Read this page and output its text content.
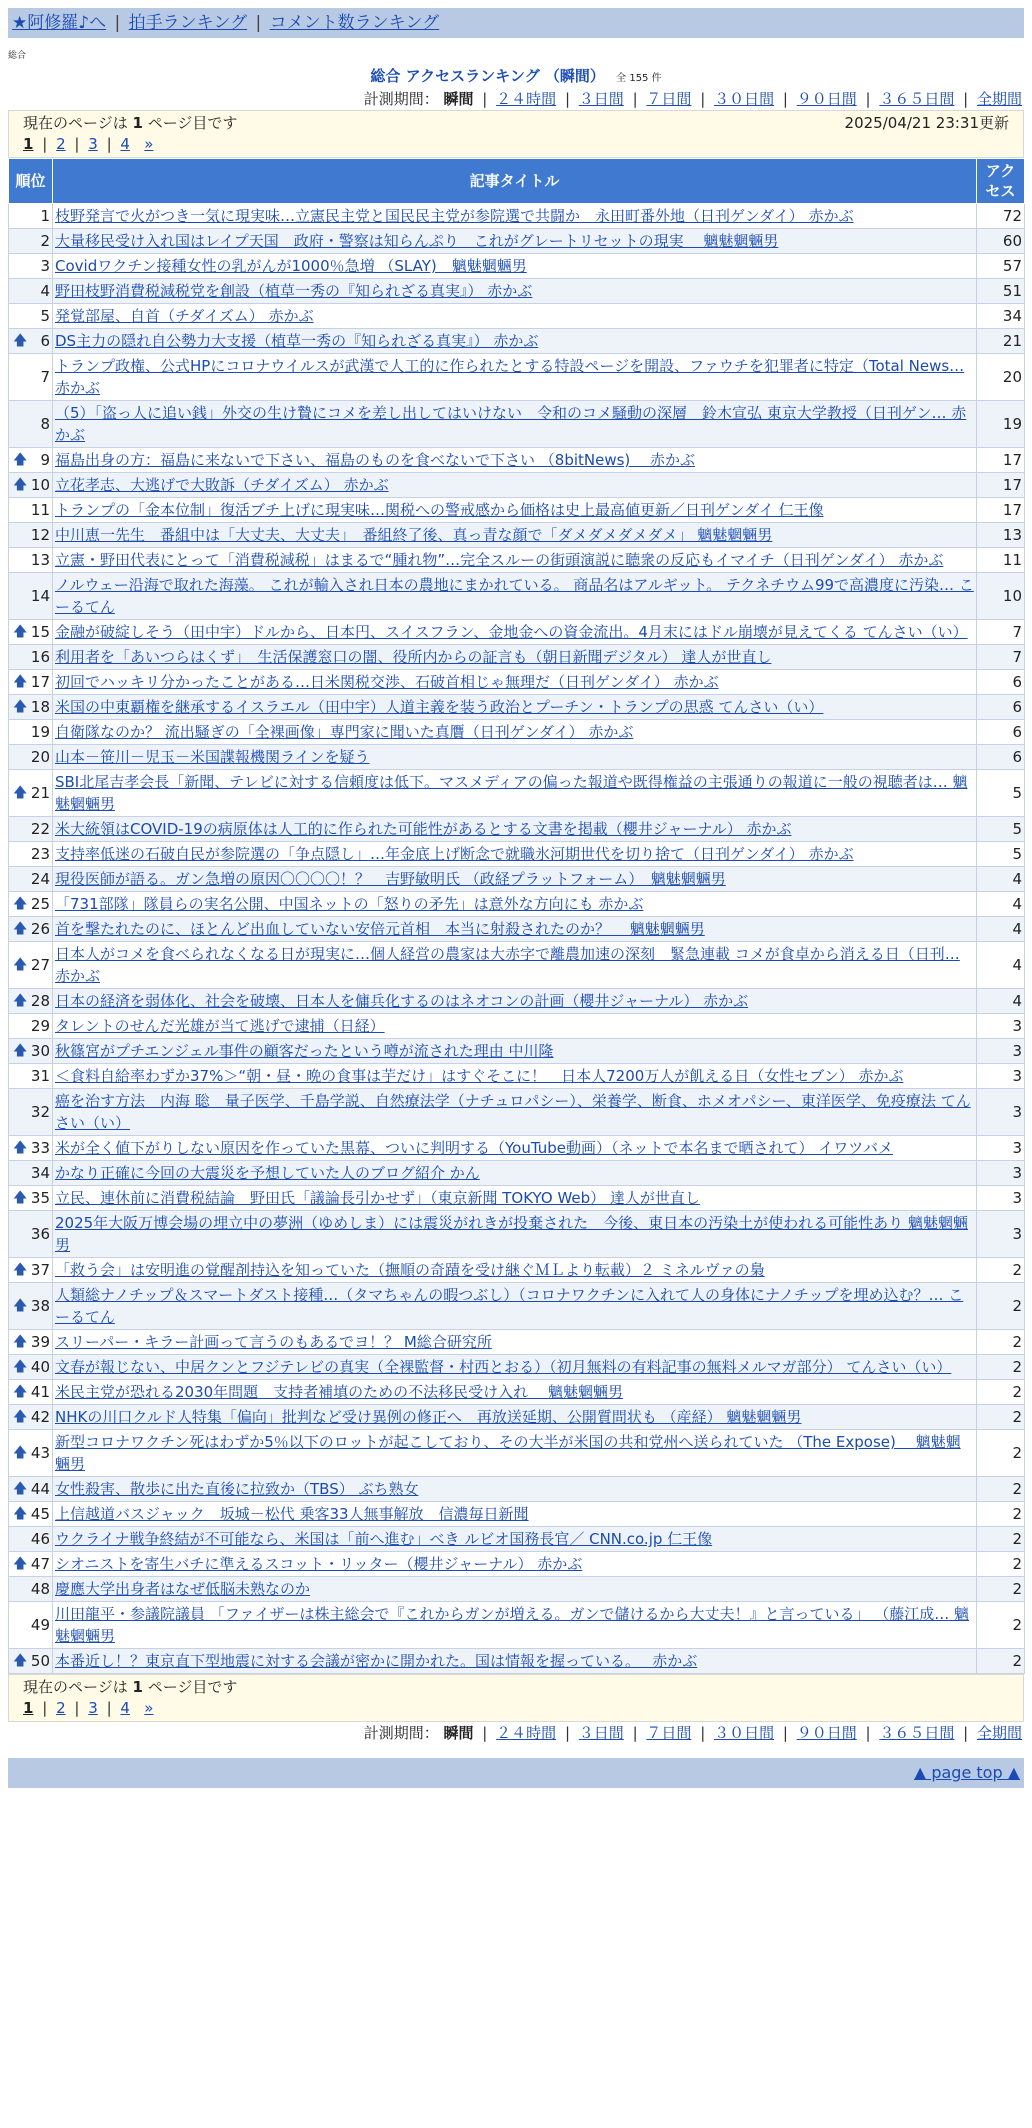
★阿修羅♪へ | 拍手ランキング | コメント数ランキング
総合
総合 アクセスランキング （瞬間） 全 155 件
計測期間： 瞬間 | ２４時間 | ３日間 | ７日間 | ３０日間 | ９０日間 | ３６５日間 | 全期間
現在のページは 1 ページ目です	2025/04/21 23:31更新
1 | 2 | 3 | 4 »
順位	記事タイトル	アクセス
1	枝野発言で火がつき一気に現実味…立憲民主党と国民民主党が参院選で共闘か　永田町番外地（日刊ゲンダイ） 赤かぶ	72
2	大量移民受け入れ国はレイプ天国　政府・警察は知らんぷり　これがグレートリセットの現実　 魑魅魍魎男	60
3	Covidワクチン接種女性の乳がんが1000％急増 （SLAY)　魑魅魍魎男	57
4	野田枝野消費税減税党を創設（植草一秀の『知られざる真実』） 赤かぶ	51
5	発覚部屋、自首（チダイズム） 赤かぶ	34

🡅 6	DS主力の隠れ自公勢力大支援（植草一秀の『知られざる真実』） 赤かぶ	21
7	トランプ政権、公式HPにコロナウイルスが武漢で人工的に作られたとする特設ページを開設、ファウチを犯罪者に特定（Total News… 赤かぶ	20
8	（5）「盗っ人に追い銭」外交の生け贄にコメを差し出してはいけない　令和のコメ騒動の深層　鈴木宣弘 東京大学教授（日刊ゲン… 赤かぶ	19

🡅 9	福島出身の方：福島に来ないで下さい、福島のものを食べないで下さい （8bitNews)　 赤かぶ	17

🡅 10	立花孝志、大逃げで大敗訴（チダイズム） 赤かぶ	17
11	トランプの「金本位制」復活ブチ上げに現実味…関税への警戒感から価格は史上最高値更新／日刊ゲンダイ 仁王像	17
12	中川恵一先生　番組中は「大丈夫、大丈夫」　番組終了後、真っ青な顔で「ダメダメダメダメ」 魑魅魍魎男	13
13	立憲・野田代表にとって「消費税減税」はまるで“腫れ物”…完全スルーの街頭演説に聴衆の反応もイマイチ（日刊ゲンダイ） 赤かぶ	11
14	ノルウェー沿海で取れた海藻。 これが輸入され日本の農地にまかれている。 商品名はアルギット。 テクネチウム99で高濃度に汚染… こーるてん	10

🡅 15	金融が破綻しそう（田中宇）ドルから、日本円、スイスフラン、金地金への資金流出。4月末にはドル崩壊が見えてくる てんさい（い）	7
16	利用者を「あいつらはくず」　生活保護窓口の闇、役所内からの証言も（朝日新聞デジタル） 達人が世直し	7

🡅 17	初回でハッキリ分かったことがある…日米関税交渉、石破首相じゃ無理だ（日刊ゲンダイ） 赤かぶ	6

🡅 18	米国の中東覇権を継承するイスラエル（田中宇）人道主義を装う政治とプーチン・トランプの思惑 てんさい（い）	6
19	自衛隊なのか？ 流出騒ぎの「全裸画像」専門家に聞いた真贋（日刊ゲンダイ） 赤かぶ	6
20	山本－笹川－児玉－米国諜報機関ラインを疑う	6

🡅 21	SBI北尾吉孝会長「新聞、テレビに対する信頼度は低下。マスメディアの偏った報道や既得権益の主張通りの報道に一般の視聴者は… 魑魅魍魎男	5
22	米大統領はCOVID-19の病原体は人工的に作られた可能性があるとする文書を掲載（櫻井ジャーナル） 赤かぶ	5
23	支持率低迷の石破自民が参院選の「争点隠し」…年金底上げ断念で就職氷河期世代を切り捨て（日刊ゲンダイ） 赤かぶ	5
24	現役医師が語る。ガン急増の原因〇〇〇〇！？　吉野敏明氏 （政経プラットフォーム）　魑魅魍魎男	4

🡅 25	「731部隊」隊員らの実名公開、中国ネットの「怒りの矛先」は意外な方向にも 赤かぶ	4

🡅 26	首を撃たれたのに、ほとんど出血していない安倍元首相　本当に射殺されたのか？　 魑魅魍魎男	4

🡅 27	日本人がコメを食べられなくなる日が現実に…個人経営の農家は大赤字で離農加速の深刻　緊急連載 コメが食卓から消える日（日刊… 赤かぶ	4

🡅 28	日本の経済を弱体化、社会を破壊、日本人を傭兵化するのはネオコンの計画（櫻井ジャーナル） 赤かぶ	4
29	タレントのせんだ光雄が当て逃げで逮捕（日経）	3

🡅 30	秋篠宮がプチエンジェル事件の顧客だったという噂が流された理由 中川隆	3
31	＜食料自給率わずか37%＞“朝・昼・晩の食事は芋だけ」はすぐそこに！　日本人7200万人が飢える日（女性セブン） 赤かぶ	3
32	癌を治す方法　内海 聡　量子医学、千島学説、自然療法学（ナチュロパシー）、栄養学、断食、ホメオパシー、東洋医学、免疫療法 てんさい（い）	3

🡅 33	米が全く値下がりしない原因を作っていた黒幕、ついに判明する（YouTube動画）（ネットで本名まで晒されて） イワツバメ	3
34	かなり正確に今回の大震災を予想していた人のブログ紹介 かん	3

🡅 35	立民、連休前に消費税結論　野田氏「議論長引かせず」（東京新聞 TOKYO Web） 達人が世直し	3
36	2025年大阪万博会場の埋立中の夢洲（ゆめしま）には震災がれきが投棄された　今後、東日本の汚染土が使われる可能性あり 魑魅魍魎男	3

🡅 37	「救う会」は安明進の覚醒剤持込を知っていた（撫順の奇蹟を受け継ぐＭＬより転載）２ ミネルヴァの梟	2

🡅 38	人類総ナノチップ＆スマートダスト接種…（タマちゃんの暇つぶし）（コロナワクチンに入れて人の身体にナノチップを埋め込む？… こーるてん	2

🡅 39	スリーパー・キラー計画って言うのもあるでヨ！？ M総合研究所	2

🡅 40	文春が報じない、中居クンとフジテレビの真実（全裸監督・村西とおる）（初月無料の有料記事の無料メルマガ部分） てんさい（い）	2

🡅 41	米民主党が恐れる2030年問題　支持者補填のための不法移民受け入れ　 魑魅魍魎男	2

🡅 42	NHKの川口クルド人特集「偏向」批判など受け異例の修正へ　再放送延期、公開質問状も （産経） 魑魅魍魎男	2

🡅 43	新型コロナワクチン死はわずか5％以下のロットが起こしており、その大半が米国の共和党州へ送られていた （The Expose)　 魑魅魍魎男	2

🡅 44	女性殺害、散歩に出た直後に拉致か（TBS） ぶち熟女	2

🡅 45	上信越道バスジャック　坂城－松代 乗客33人無事解放　信濃毎日新聞	2
46	ウクライナ戦争終結が不可能なら、米国は「前へ進む」べき ルビオ国務長官／ CNN.co.jp 仁王像	2

🡅 47	シオニストを寄生バチに準えるスコット・リッター（櫻井ジャーナル） 赤かぶ	2
48	慶應大学出身者はなぜ低脳未熟なのか	2
49	川田龍平・参議院議員 「ファイザーは株主総会で『これからガンが増える。ガンで儲けるから大丈夫！』と言っている」 （藤江成… 魑魅魍魎男	2

🡅 50	本番近し！？東京直下型地震に対する会議が密かに開かれた。国は情報を握っている。　 赤かぶ	2
現在のページは 1 ページ目です
1 | 2 | 3 | 4 »
計測期間： 瞬間 | ２４時間 | ３日間 | ７日間 | ３０日間 | ９０日間 | ３６５日間 | 全期間
▲ page top ▲
